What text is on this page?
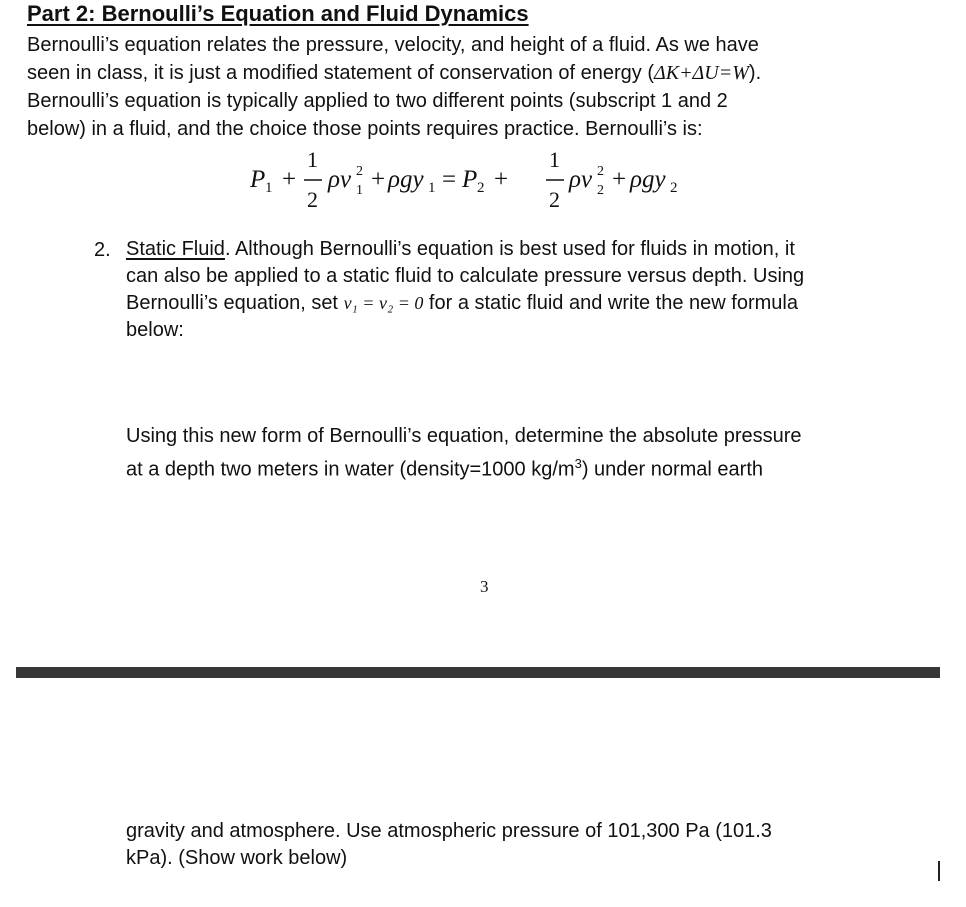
Part 2: Bernoulli’s Equation and Fluid Dynamics
Bernoulli’s equation relates the pressure, velocity, and height of a fluid. As we have
seen in class, it is just a modified statement of conservation of energy (ΔK+ΔU=W).
Bernoulli’s equation is typically applied to two different points (subscript 1 and 2
below) in a fluid, and the choice those points requires practice. Bernoulli’s is:
P 1 +
1
2
ρv 2
1 + ρgy 1 = P 2 +
1
2
ρv 2
2 + ρgy 2
2. Static Fluid. Although Bernoulli’s equation is best used for fluids in motion, it
can also be applied to a static fluid to calculate pressure versus depth. Using
Bernoulli’s equation, set v₁ = v₂ = 0 for a static fluid and write the new formula
below:
Using this new form of Bernoulli’s equation, determine the absolute pressure
at a depth two meters in water (density=1000 $kg/m^3$) under normal earth
3
gravity and atmosphere. Use atmospheric pressure of 101,300 Pa (101.3
kPa). (Show work below)
